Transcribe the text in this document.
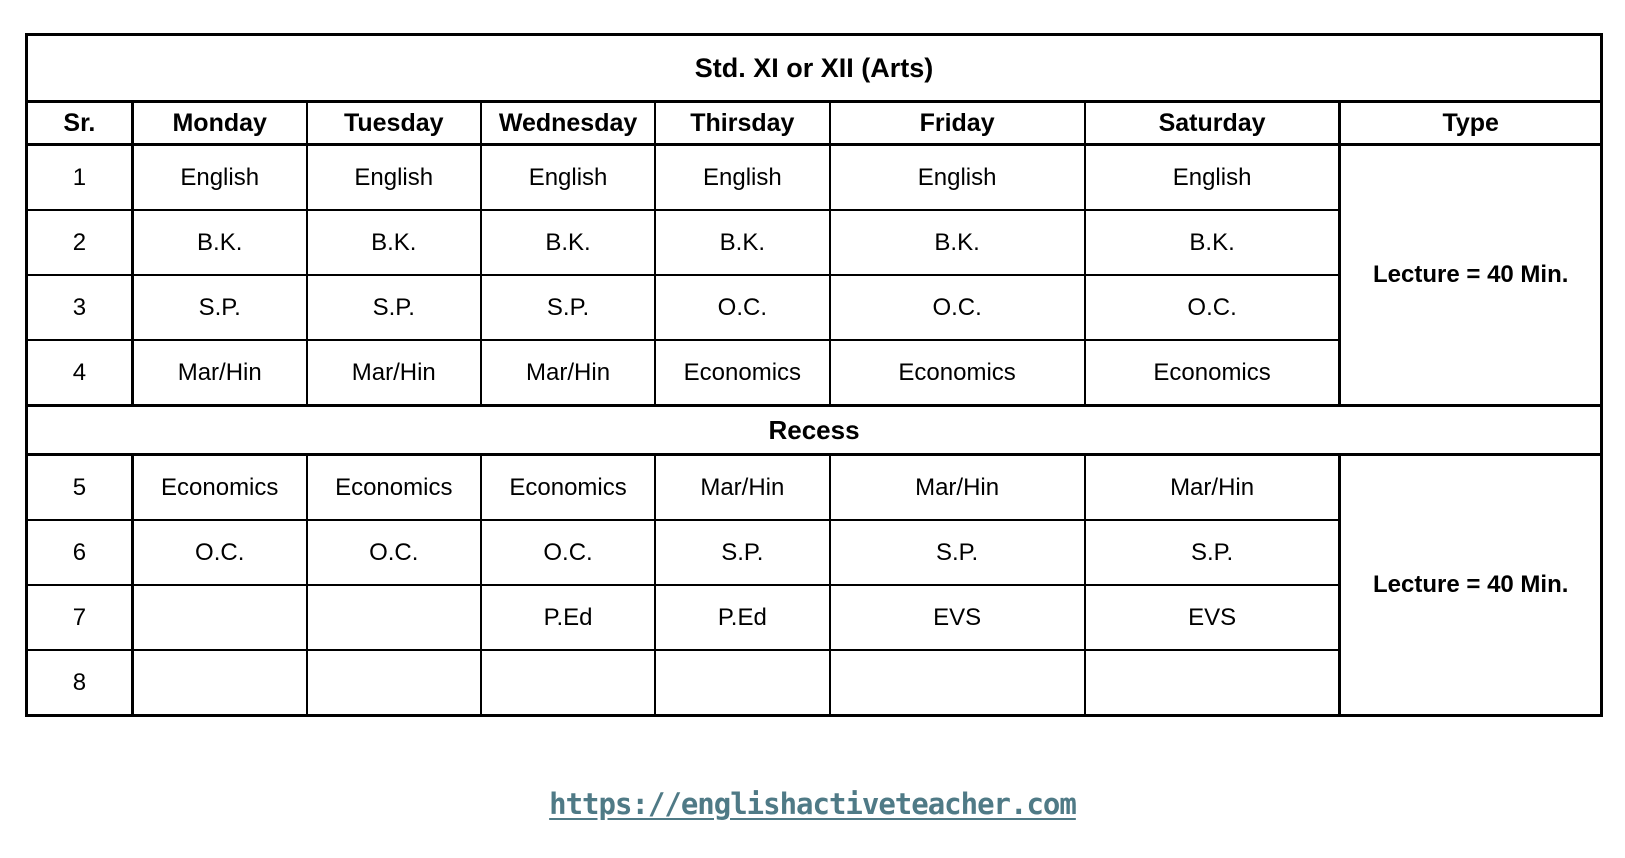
Std. XI or XII (Arts)							
Sr.	Monday	Tuesday	Wednesday	Thirsday	Friday	Saturday	Type
1	English	English	English	English	English	English	Lecture = 40 Min.
2	B.K.	B.K.	B.K.	B.K.	B.K.	B.K.	
3	S.P.	S.P.	S.P.	O.C.	O.C.	O.C.	
4	Mar/Hin	Mar/Hin	Mar/Hin	Economics	Economics	Economics	
Recess							
5	Economics	Economics	Economics	Mar/Hin	Mar/Hin	Mar/Hin	Lecture = 40 Min.
6	O.C.	O.C.	O.C.	S.P.	S.P.	S.P.	
7			P.Ed	P.Ed	EVS	EVS	
8							
https://englishactiveteacher.com
